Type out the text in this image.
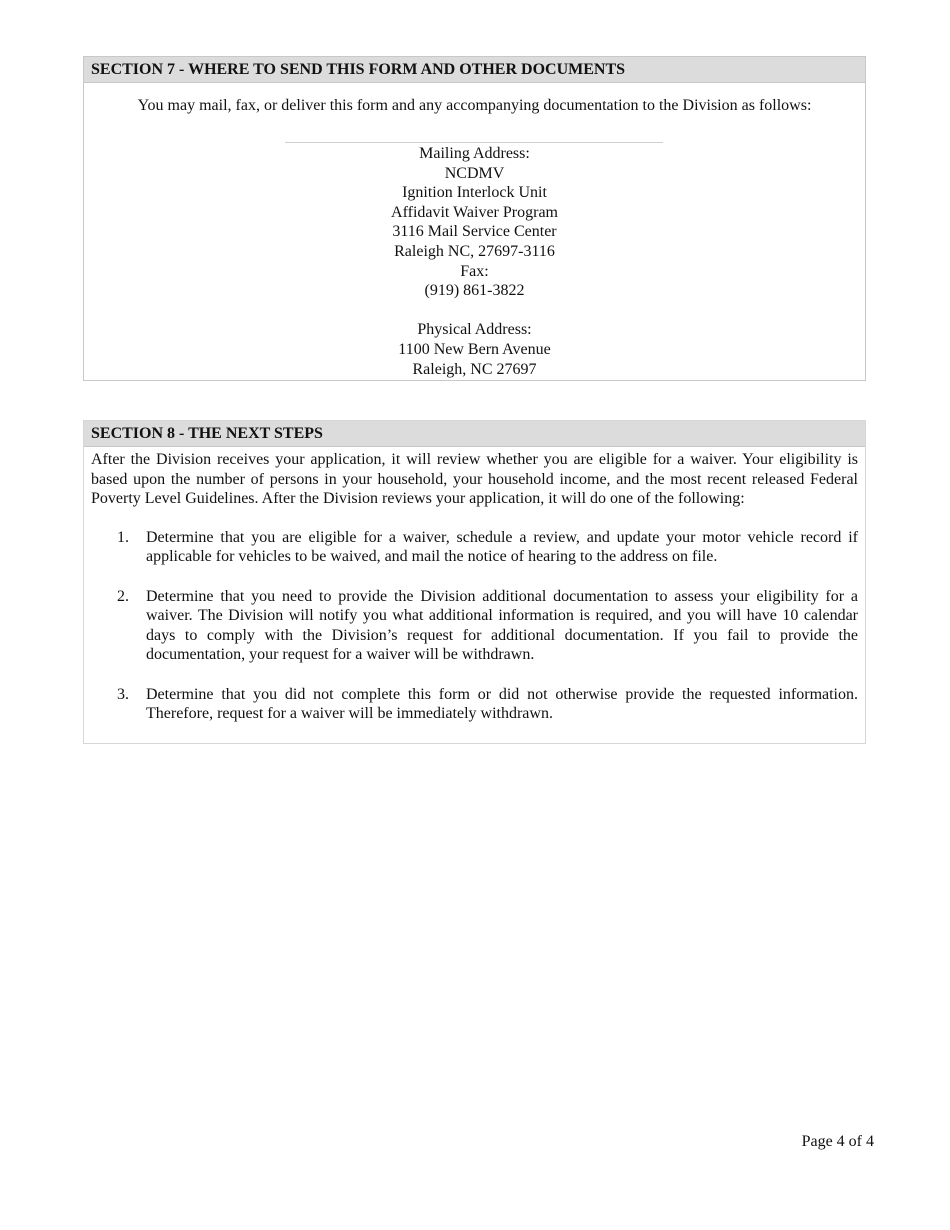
SECTION 7 - WHERE TO SEND THIS FORM AND OTHER DOCUMENTS
You may mail, fax, or deliver this form and any accompanying documentation to the Division as follows:
Mailing Address:
NCDMV
Ignition Interlock Unit
Affidavit Waiver Program
3116 Mail Service Center
Raleigh NC, 27697-3116
Fax:
(919) 861-3822
Physical Address:
1100 New Bern Avenue
Raleigh, NC 27697
SECTION 8 - THE NEXT STEPS
After the Division receives your application, it will review whether you are eligible for a waiver. Your eligibility is based upon the number of persons in your household, your household income, and the most recent released Federal Poverty Level Guidelines. After the Division reviews your application, it will do one of the following:
1. Determine that you are eligible for a waiver, schedule a review, and update your motor vehicle record if applicable for vehicles to be waived, and mail the notice of hearing to the address on file.
2. Determine that you need to provide the Division additional documentation to assess your eligibility for a waiver. The Division will notify you what additional information is required, and you will have 10 calendar days to comply with the Division’s request for additional documentation. If you fail to provide the documentation, your request for a waiver will be withdrawn.
3. Determine that you did not complete this form or did not otherwise provide the requested information. Therefore, request for a waiver will be immediately withdrawn.
Page 4 of 4
